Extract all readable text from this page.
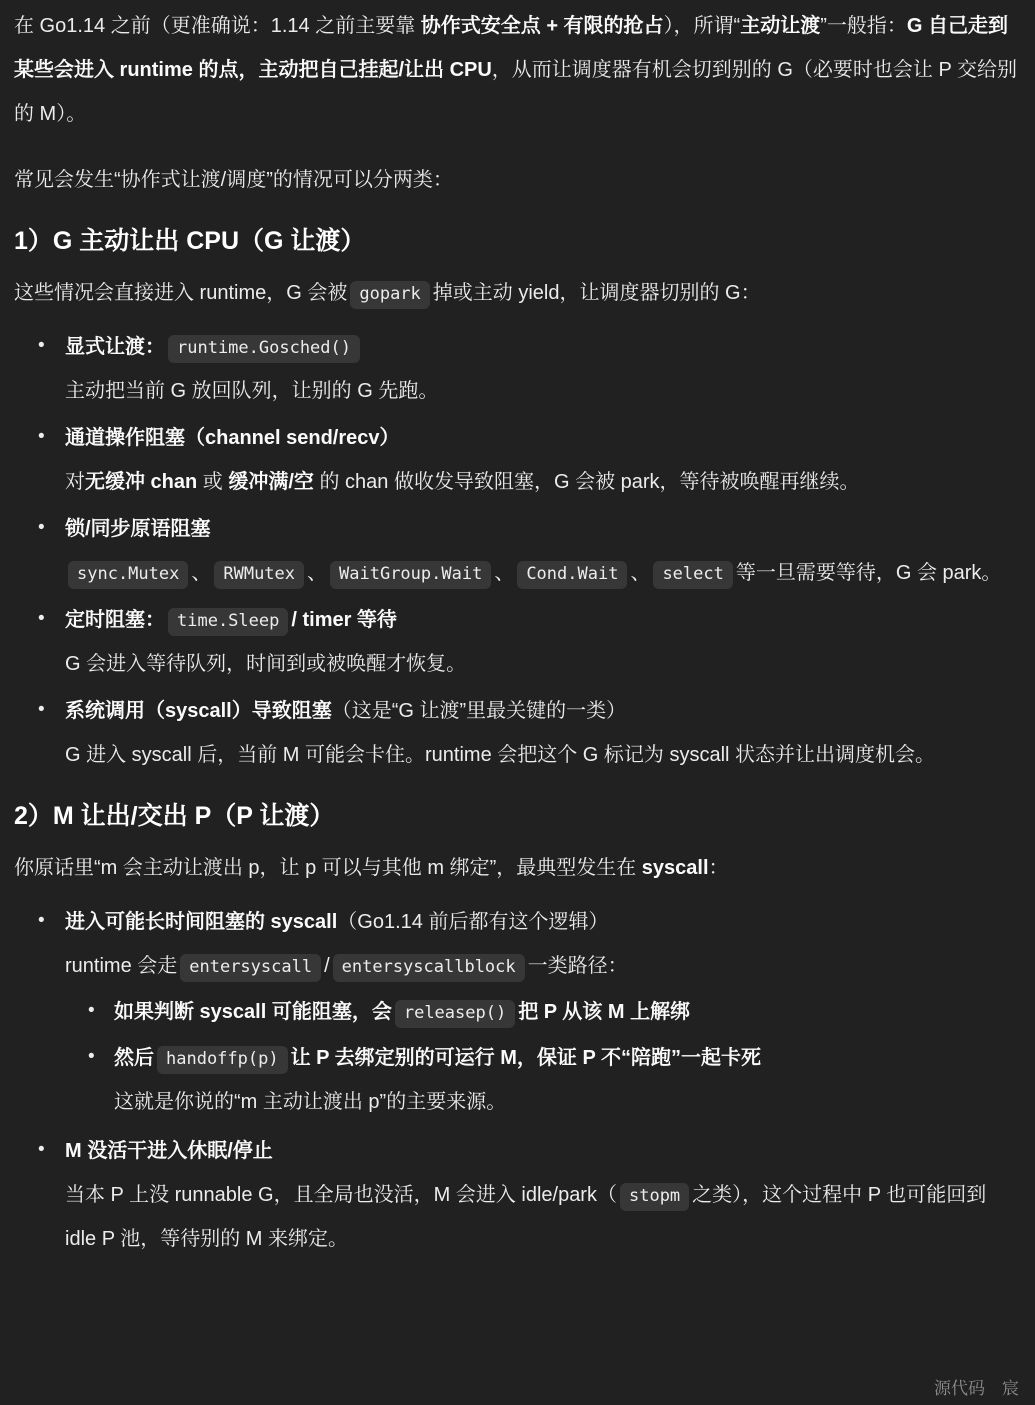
在 Go1.14 之前（更准确说：1.14 之前主要靠 协作式安全点 + 有限的抢占），所谓“主动让渡”一般指：G 自己走到某些会进入 runtime 的点，主动把自己挂起/让出 CPU，从而让调度器有机会切到别的 G（必要时也会让 P 交给别的 M）。

常见会发生“协作式让渡/调度”的情况可以分两类：

1）G 主动让出 CPU（G 让渡）

这些情况会直接进入 runtime，G 会被 gopark 掉或主动 yield，让调度器切别的 G：

•	显式让渡： runtime.Gosched()
主动把当前 G 放回队列，让别的 G 先跑。
•	通道操作阻塞（channel send/recv）
对无缓冲 chan 或 缓冲满/空 的 chan 做收发导致阻塞，G 会被 park，等待被唤醒再继续。
•	锁/同步原语阻塞
sync.Mutex 、 RWMutex 、 WaitGroup.Wait 、 Cond.Wait 、 select 等一旦需要等待，G 会 park。
•	定时阻塞： time.Sleep / timer 等待
G 会进入等待队列，时间到或被唤醒才恢复。
•	系统调用（syscall）导致阻塞（这是“G 让渡”里最关键的一类）
G 进入 syscall 后，当前 M 可能会卡住。runtime 会把这个 G 标记为 syscall 状态并让出调度机会。
2）M 让出/交出 P（P 让渡）

你原话里“m 会主动让渡出 p，让 p 可以与其他 m 绑定”，最典型发生在 syscall：

•	进入可能长时间阻塞的 syscall（Go1.14 前后都有这个逻辑）
runtime 会走 entersyscall / entersyscallblock 一类路径：
• 如果判断 syscall 可能阻塞，会 releasep() 把 P 从该 M 上解绑
• 然后 handoffp(p) 让 P 去绑定别的可运行 M，保证 P 不“陪跑”一起卡死
这就是你说的“m 主动让渡出 p”的主要来源。
•	M 没活干进入休眠/停止
当本 P 上没 runnable G，且全局也没活，M 会进入 idle/park（ stopm 之类），这个过程中 P 也可能回到 idle P 池，等待别的 M 来绑定。
源代码　宸
